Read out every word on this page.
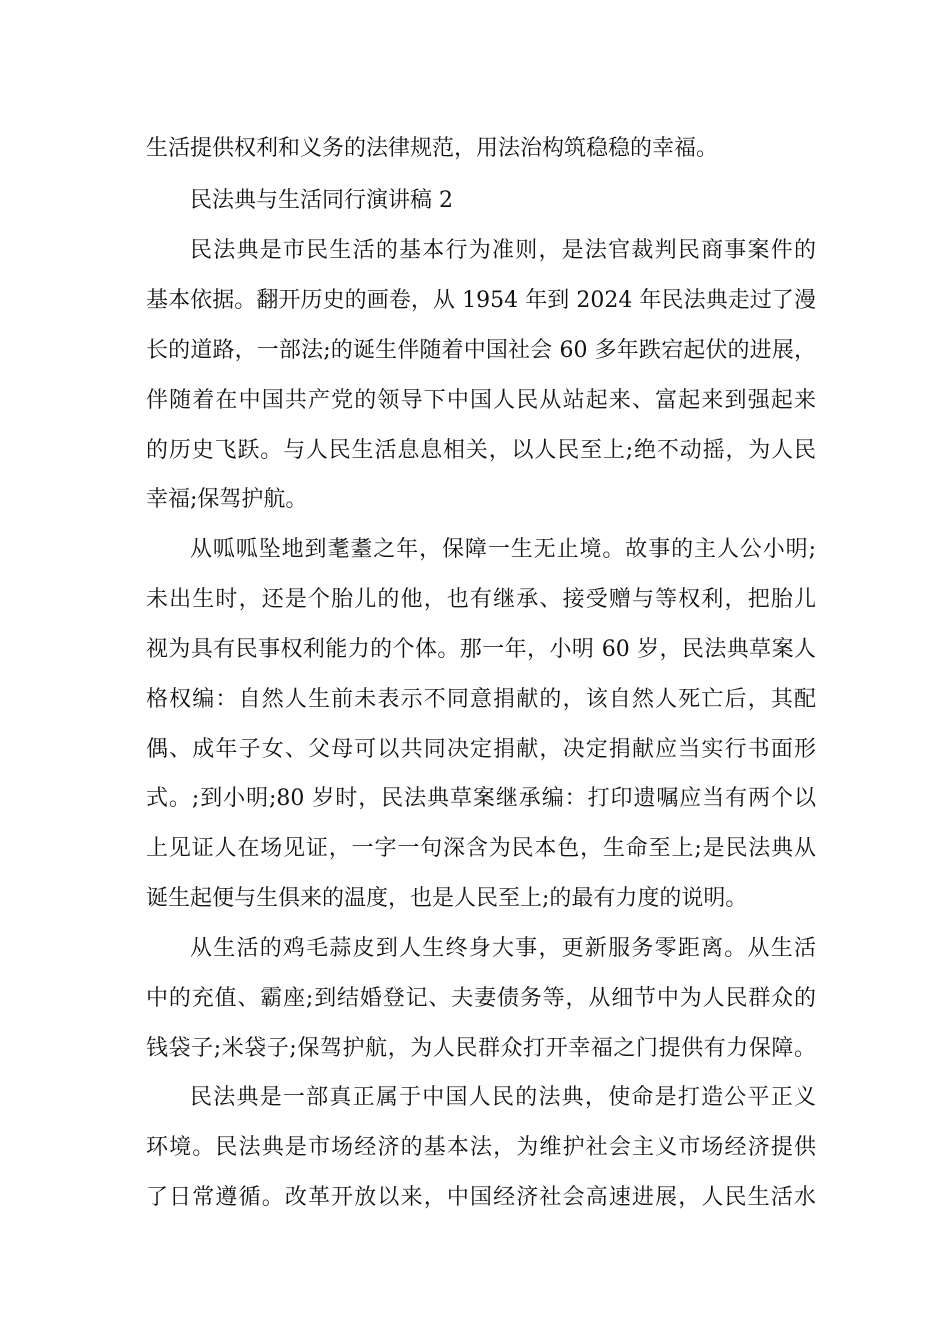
生活提供权利和义务的法律规范，用法治构筑稳稳的幸福。
民法典与生活同行演讲稿 2
民法典是市民生活的基本行为准则，是法官裁判民商事案件的
基本依据。翻开历史的画卷，从 1954 年到 2024 年民法典走过了漫
长的道路，一部法;的诞生伴随着中国社会 60 多年跌宕起伏的进展，
伴随着在中国共产党的领导下中国人民从站起来、富起来到强起来
的历史飞跃。与人民生活息息相关，以人民至上;绝不动摇，为人民
幸福;保驾护航。
从呱呱坠地到耄耋之年，保障一生无止境。故事的主人公小明;
未出生时，还是个胎儿的他，也有继承、接受赠与等权利，把胎儿
视为具有民事权利能力的个体。那一年，小明 60 岁，民法典草案人
格权编：自然人生前未表示不同意捐献的，该自然人死亡后，其配
偶、成年子女、父母可以共同决定捐献，决定捐献应当实行书面形
式。;到小明;80 岁时，民法典草案继承编：打印遗嘱应当有两个以
上见证人在场见证，一字一句深含为民本色，生命至上;是民法典从
诞生起便与生俱来的温度，也是人民至上;的最有力度的说明。
从生活的鸡毛蒜皮到人生终身大事，更新服务零距离。从生活
中的充值、霸座;到结婚登记、夫妻债务等，从细节中为人民群众的
钱袋子;米袋子;保驾护航，为人民群众打开幸福之门提供有力保障。
民法典是一部真正属于中国人民的法典，使命是打造公平正义
环境。民法典是市场经济的基本法，为维护社会主义市场经济提供
了日常遵循。改革开放以来，中国经济社会高速进展，人民生活水
